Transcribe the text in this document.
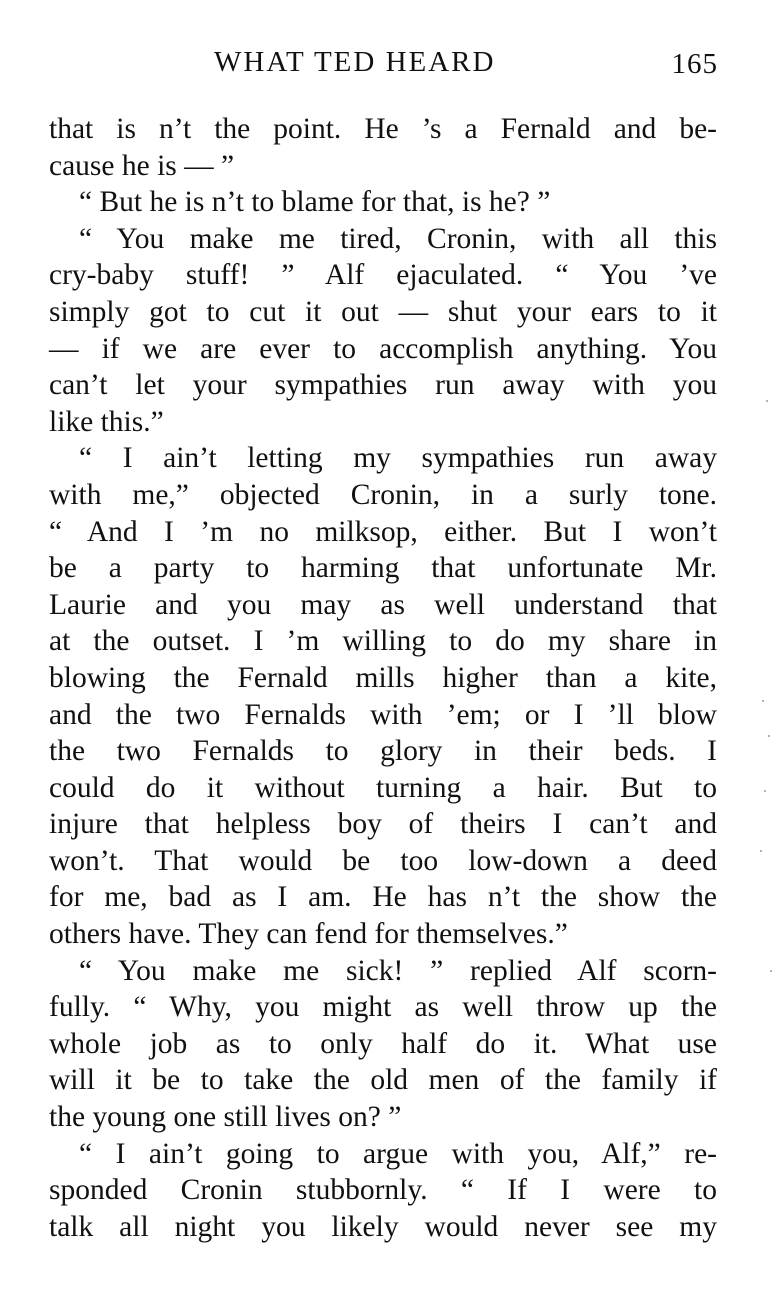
WHAT TED HEARD	165
that is n’t the point. He ’s a Fernald and be-
cause he is — ”
“ But he is n’t to blame for that, is he? ”
“ You make me tired, Cronin, with all this
cry-baby stuff! ” Alf ejaculated. “ You ’ve
simply got to cut it out — shut your ears to it
— if we are ever to accomplish anything. You
can’t let your sympathies run away with you
like this.”
“ I ain’t letting my sympathies run away
with me,” objected Cronin, in a surly tone.
“ And I ’m no milksop, either. But I won’t
be a party to harming that unfortunate Mr.
Laurie and you may as well understand that
at the outset. I ’m willing to do my share in
blowing the Fernald mills higher than a kite,
and the two Fernalds with ’em; or I ’ll blow
the two Fernalds to glory in their beds. I
could do it without turning a hair. But to
injure that helpless boy of theirs I can’t and
won’t. That would be too low-down a deed
for me, bad as I am. He has n’t the show the
others have. They can fend for themselves.”
“ You make me sick! ” replied Alf scorn-
fully. “ Why, you might as well throw up the
whole job as to only half do it. What use
will it be to take the old men of the family if
the young one still lives on? ”
“ I ain’t going to argue with you, Alf,” re-
sponded Cronin stubbornly. “ If I were to
talk all night you likely would never see my
